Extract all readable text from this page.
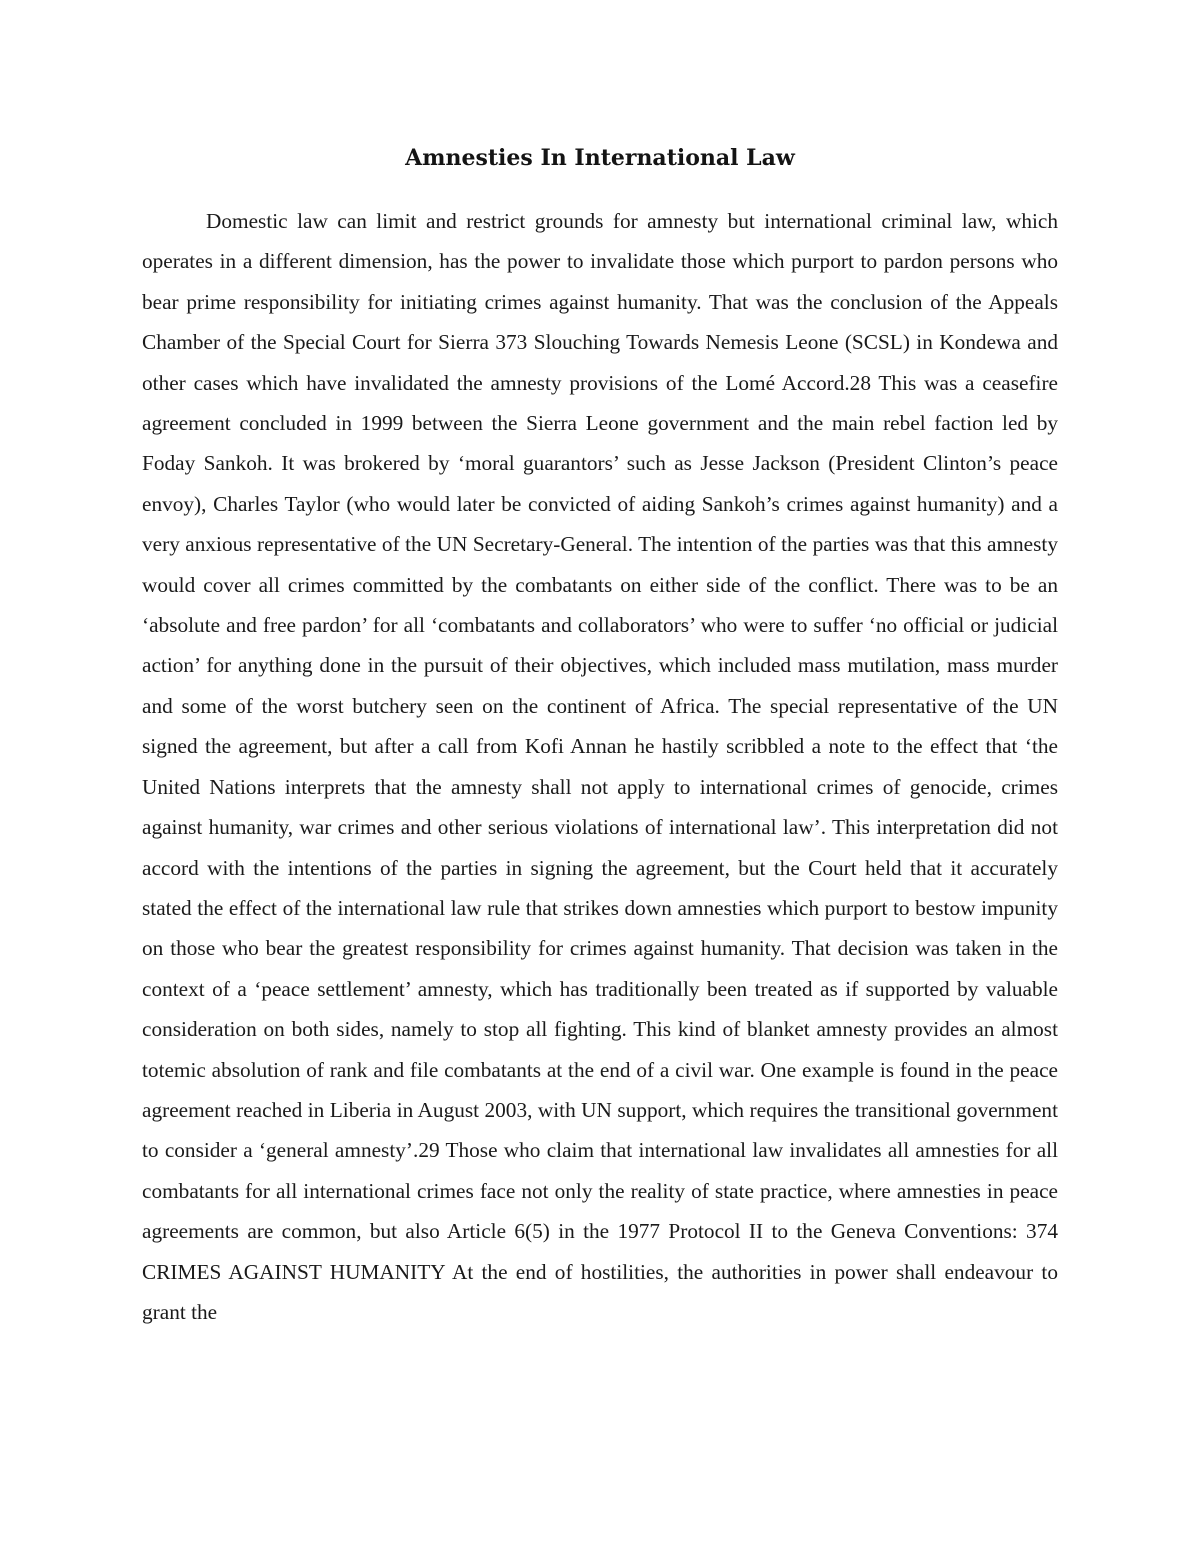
Amnesties In International Law

Domestic law can limit and restrict grounds for amnesty but international criminal law, which operates in a different dimension, has the power to invalidate those which purport to pardon persons who bear prime responsibility for initiating crimes against humanity. That was the conclusion of the Appeals Chamber of the Special Court for Sierra 373 Slouching Towards Nemesis Leone (SCSL) in Kondewa and other cases which have invalidated the amnesty provisions of the Lomé Accord.28 This was a ceasefire agreement concluded in 1999 between the Sierra Leone government and the main rebel faction led by Foday Sankoh. It was brokered by ‘moral guarantors’ such as Jesse Jackson (President Clinton’s peace envoy), Charles Taylor (who would later be convicted of aiding Sankoh’s crimes against humanity) and a very anxious representative of the UN Secretary-General. The intention of the parties was that this amnesty would cover all crimes committed by the combatants on either side of the conflict. There was to be an ‘absolute and free pardon’ for all ‘combatants and collaborators’ who were to suffer ‘no official or judicial action’ for anything done in the pursuit of their objectives, which included mass mutilation, mass murder and some of the worst butchery seen on the continent of Africa. The special representative of the UN signed the agreement, but after a call from Kofi Annan he hastily scribbled a note to the effect that ‘the United Nations interprets that the amnesty shall not apply to international crimes of genocide, crimes against humanity, war crimes and other serious violations of international law’. This interpretation did not accord with the intentions of the parties in signing the agreement, but the Court held that it accurately stated the effect of the international law rule that strikes down amnesties which purport to bestow impunity on those who bear the greatest responsibility for crimes against humanity. That decision was taken in the context of a ‘peace settlement’ amnesty, which has traditionally been treated as if supported by valuable consideration on both sides, namely to stop all fighting. This kind of blanket amnesty provides an almost totemic absolution of rank and file combatants at the end of a civil war. One example is found in the peace agreement reached in Liberia in August 2003, with UN support, which requires the transitional government to consider a ‘general amnesty’.29 Those who claim that international law invalidates all amnesties for all combatants for all international crimes face not only the reality of state practice, where amnesties in peace agreements are common, but also Article 6(5) in the 1977 Protocol II to the Geneva Conventions: 374 CRIMES AGAINST HUMANITY At the end of hostilities, the authorities in power shall endeavour to grant the
